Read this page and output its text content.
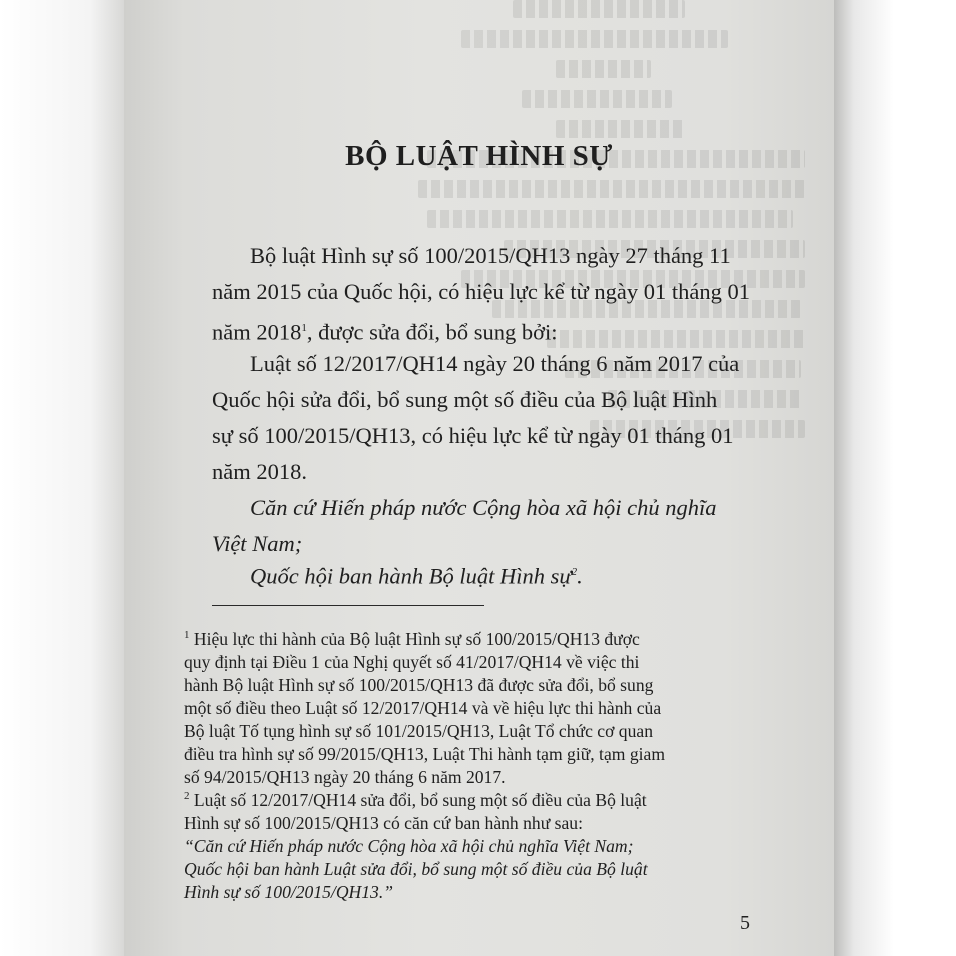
BỘ LUẬT HÌNH SỰ

Bộ luật Hình sự số 100/2015/QH13 ngày 27 tháng 11
năm 2015 của Quốc hội, có hiệu lực kể từ ngày 01 tháng 01
năm 2018$^1$, được sửa đổi, bổ sung bởi:

Luật số 12/2017/QH14 ngày 20 tháng 6 năm 2017 của
Quốc hội sửa đổi, bổ sung một số điều của Bộ luật Hình
sự số 100/2015/QH13, có hiệu lực kể từ ngày 01 tháng 01
năm 2018.

Căn cứ Hiến pháp nước Cộng hòa xã hội chủ nghĩa
Việt Nam;

Quốc hội ban hành Bộ luật Hình sự$^2$.

$^1$ Hiệu lực thi hành của Bộ luật Hình sự số 100/2015/QH13 được
quy định tại Điều 1 của Nghị quyết số 41/2017/QH14 về việc thi
hành Bộ luật Hình sự số 100/2015/QH13 đã được sửa đổi, bổ sung
một số điều theo Luật số 12/2017/QH14 và về hiệu lực thi hành của
Bộ luật Tố tụng hình sự số 101/2015/QH13, Luật Tổ chức cơ quan
điều tra hình sự số 99/2015/QH13, Luật Thi hành tạm giữ, tạm giam
số 94/2015/QH13 ngày 20 tháng 6 năm 2017.

$^2$ Luật số 12/2017/QH14 sửa đổi, bổ sung một số điều của Bộ luật
Hình sự số 100/2015/QH13 có căn cứ ban hành như sau:
“Căn cứ Hiến pháp nước Cộng hòa xã hội chủ nghĩa Việt Nam;
Quốc hội ban hành Luật sửa đổi, bổ sung một số điều của Bộ luật
Hình sự số 100/2015/QH13.”

5
